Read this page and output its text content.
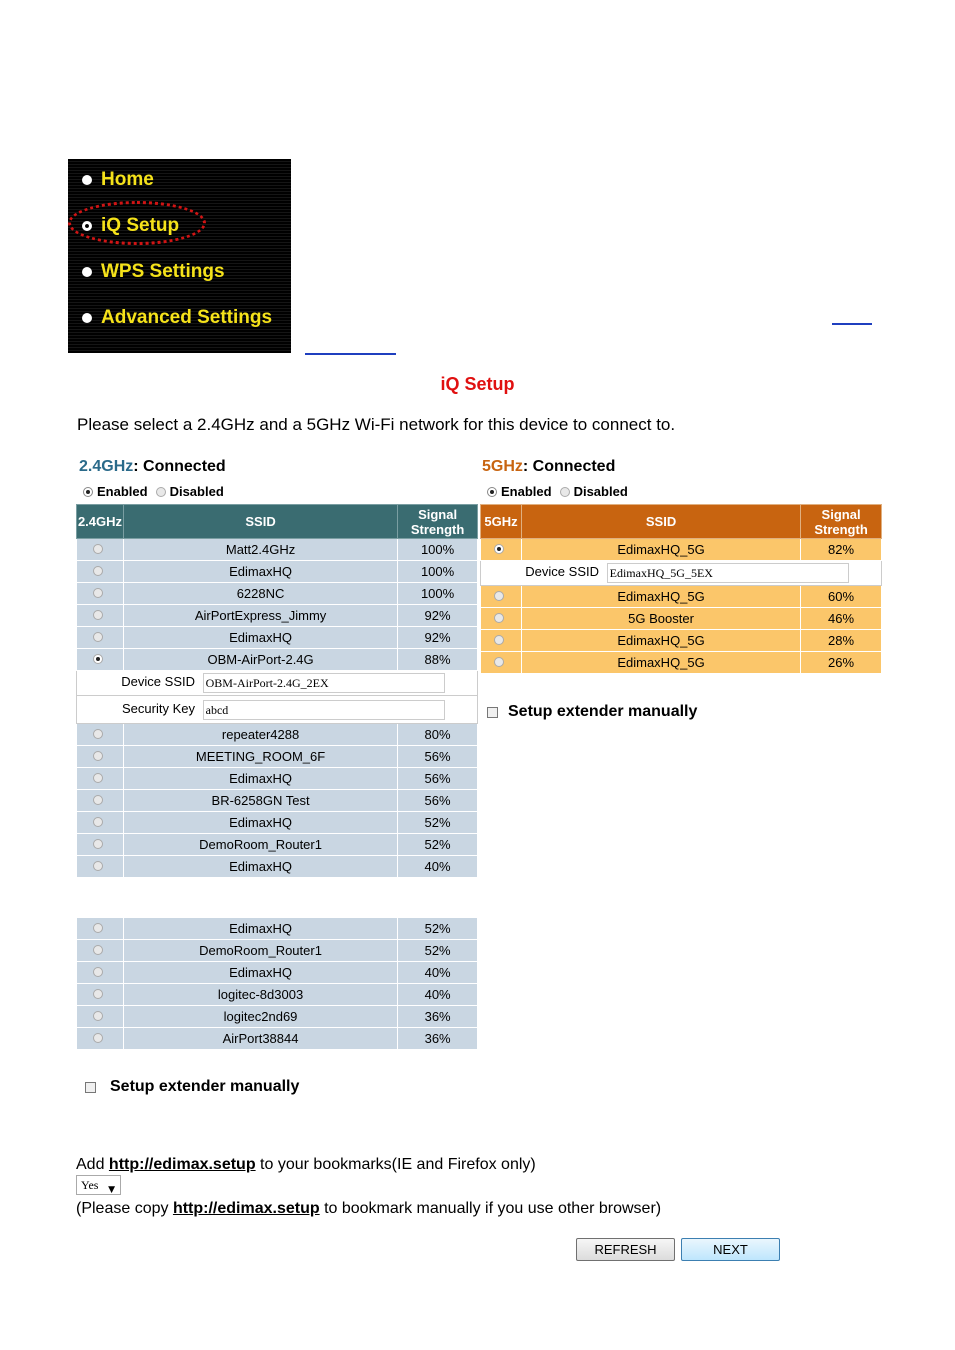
Home
iQ Setup
WPS Settings
Advanced Settings
iQ Setup
Please select a 2.4GHz and a 5GHz Wi-Fi network for this device to connect to.
2.4GHz: Connected
Enabled Disabled
5GHz: Connected
Enabled Disabled
2.4GHz	SSID	Signal Strength
	Matt2.4GHz	100%
	EdimaxHQ	100%
	6228NC	100%
	AirPortExpress_Jimmy	92%
	EdimaxHQ	92%
	OBM-AirPort-2.4G	88%
Device SSID OBM-AirPort-2.4G_2EX		
Security Key abcd		
	repeater4288	80%
	MEETING_ROOM_6F	56%
	EdimaxHQ	56%
	BR-6258GN Test	56%
	EdimaxHQ	52%
	DemoRoom_Router1	52%
	EdimaxHQ	40%
	EdimaxHQ	52%
	DemoRoom_Router1	52%
	EdimaxHQ	40%
	logitec-8d3003	40%
	logitec2nd69	36%
	AirPort38844	36%
5GHz	SSID	Signal Strength
	EdimaxHQ_5G	82%
Device SSID EdimaxHQ_5G_5EX		
	EdimaxHQ_5G	60%
	5G Booster	46%
	EdimaxHQ_5G	28%
	EdimaxHQ_5G	26%
Setup extender manually
Setup extender manually
Add http://edimax.setup to your bookmarks(IE and Firefox only)
Yes ▼
(Please copy http://edimax.setup to bookmark manually if you use other browser)
REFRESH	NEXT
